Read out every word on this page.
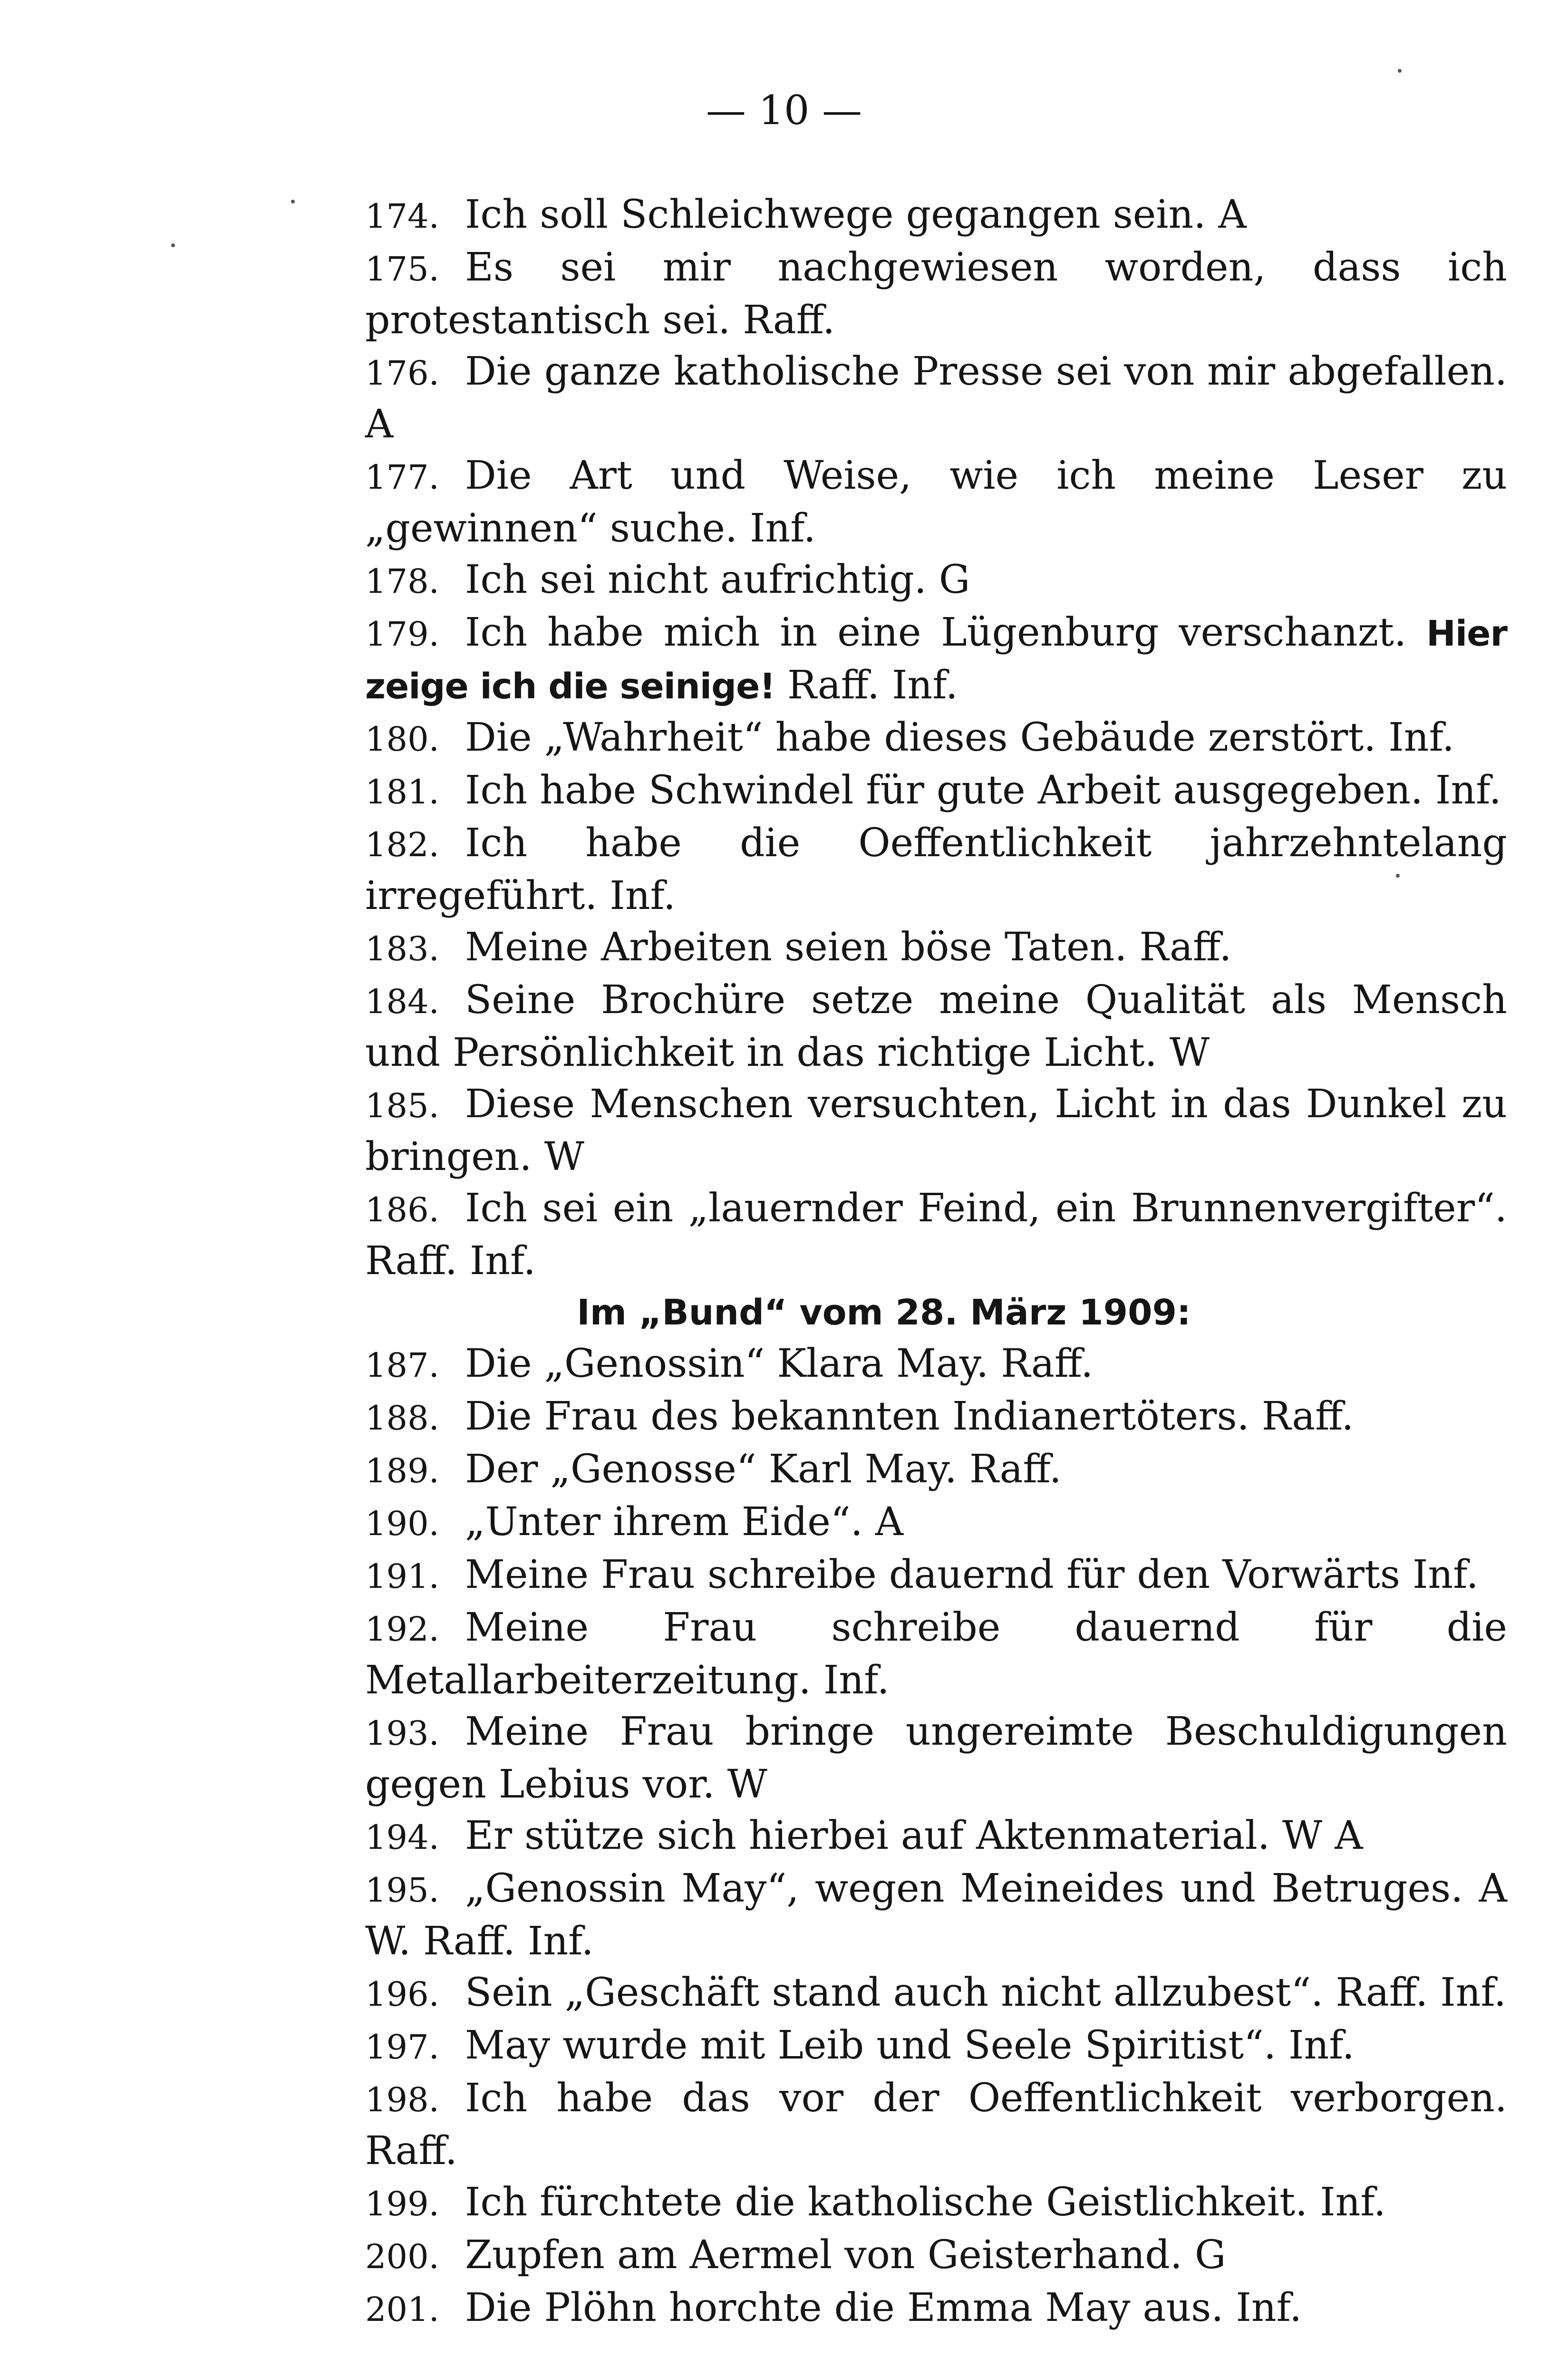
— 10 —

174. Ich soll Schleichwege gegangen sein. A

175. Es sei mir nachgewiesen worden, dass ich protestantisch sei. Raff.

176. Die ganze katholische Presse sei von mir abgefallen. A

177. Die Art und Weise, wie ich meine Leser zu „gewinnen“ suche. Inf.

178. Ich sei nicht aufrichtig. G

179. Ich habe mich in eine Lügenburg verschanzt. Hier zeige ich die seinige! Raff. Inf.

180. Die „Wahrheit“ habe dieses Gebäude zerstört. Inf.

181. Ich habe Schwindel für gute Arbeit ausgegeben. Inf.

182. Ich habe die Oeffentlichkeit jahrzehntelang irregeführt. Inf.

183. Meine Arbeiten seien böse Taten. Raff.

184. Seine Brochüre setze meine Qualität als Mensch und Persönlichkeit in das richtige Licht. W

185. Diese Menschen versuchten, Licht in das Dunkel zu bringen. W

186. Ich sei ein „lauernder Feind, ein Brunnenvergifter“. Raff. Inf.

Im „Bund“ vom 28. März 1909:

187. Die „Genossin“ Klara May. Raff.

188. Die Frau des bekannten Indianertöters. Raff.

189. Der „Genosse“ Karl May. Raff.

190. „Unter ihrem Eide“. A

191. Meine Frau schreibe dauernd für den Vorwärts Inf.

192. Meine Frau schreibe dauernd für die Metallarbeiterzeitung. Inf.

193. Meine Frau bringe ungereimte Beschuldigungen gegen Lebius vor. W

194. Er stütze sich hierbei auf Aktenmaterial. W A

195. „Genossin May“, wegen Meineides und Betruges. A W. Raff. Inf.

196. Sein „Geschäft stand auch nicht allzubest“. Raff. Inf.

197. May wurde mit Leib und Seele Spiritist“. Inf.

198. Ich habe das vor der Oeffentlichkeit verborgen. Raff.

199. Ich fürchtete die katholische Geistlichkeit. Inf.

200. Zupfen am Aermel von Geisterhand. G

201. Die Plöhn horchte die Emma May aus. Inf.
